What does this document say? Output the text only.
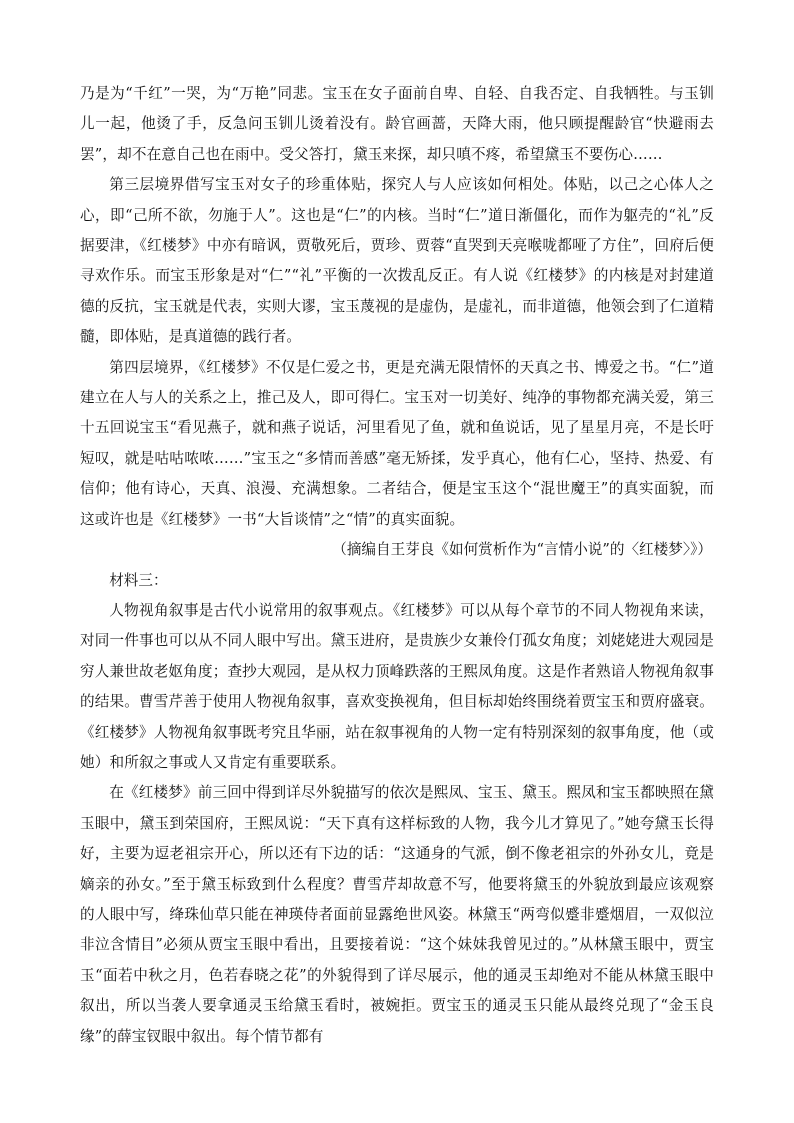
乃是为“千红”一哭，为“万艳”同悲。宝玉在女子面前自卑、自轻、自我否定、自我牺牲。与玉钏儿一起，他烫了手，反急问玉钏儿烫着没有。龄官画蔷，天降大雨，他只顾提醒龄官“快避雨去罢”，却不在意自己也在雨中。受父答打，黛玉来探，却只嗔不疼，希望黛玉不要伤心……

第三层境界借写宝玉对女子的珍重体贴，探究人与人应该如何相处。体贴，以己之心体人之心，即“己所不欲，勿施于人”。这也是“仁”的内核。当时“仁”道日渐僵化，而作为躯壳的“礼”反据要津，《红楼梦》中亦有暗讽，贾敬死后，贾珍、贾蓉“直哭到天亮喉咙都哑了方住”，回府后便寻欢作乐。而宝玉形象是对“仁”“礼”平衡的一次拨乱反正。有人说《红楼梦》的内核是对封建道德的反抗，宝玉就是代表，实则大谬，宝玉蔑视的是虚伪，是虚礼，而非道德，他领会到了仁道精髓，即体贴，是真道德的践行者。

第四层境界，《红楼梦》不仅是仁爱之书，更是充满无限情怀的天真之书、博爱之书。“仁”道建立在人与人的关系之上，推己及人，即可得仁。宝玉对一切美好、纯净的事物都充满关爱，第三十五回说宝玉“看见燕子，就和燕子说话，河里看见了鱼，就和鱼说话，见了星星月亮，不是长吁短叹，就是咕咕哝哝……”宝玉之“多情而善感”毫无矫揉，发乎真心，他有仁心，坚持、热爱、有信仰；他有诗心，天真、浪漫、充满想象。二者结合，便是宝玉这个“混世魔王”的真实面貌，而这或许也是《红楼梦》一书“大旨谈情”之“情”的真实面貌。

（摘编自王芽良《如何赏析作为“言情小说”的〈红楼梦〉》）

材料三：

人物视角叙事是古代小说常用的叙事观点。《红楼梦》可以从每个章节的不同人物视角来读，对同一件事也可以从不同人眼中写出。黛玉进府，是贵族少女兼伶仃孤女角度；刘姥姥进大观园是穷人兼世故老妪角度；查抄大观园，是从权力顶峰跌落的王熙凤角度。这是作者熟谙人物视角叙事的结果。曹雪芹善于使用人物视角叙事，喜欢变换视角，但目标却始终围绕着贾宝玉和贾府盛衰。《红楼梦》人物视角叙事既考究且华丽，站在叙事视角的人物一定有特别深刻的叙事角度，他（或她）和所叙之事或人又肯定有重要联系。

在《红楼梦》前三回中得到详尽外貌描写的依次是熙凤、宝玉、黛玉。熙凤和宝玉都映照在黛玉眼中，黛玉到荣国府，王熙凤说：“天下真有这样标致的人物，我今儿才算见了。”她夸黛玉长得好，主要为逗老祖宗开心，所以还有下边的话：“这通身的气派，倒不像老祖宗的外孙女儿，竟是嫡亲的孙女。”至于黛玉标致到什么程度？曹雪芹却故意不写，他要将黛玉的外貌放到最应该观察的人眼中写，绛珠仙草只能在神瑛侍者面前显露绝世风姿。林黛玉“两弯似蹙非蹙烟眉，一双似泣非泣含情目”必须从贾宝玉眼中看出，且要接着说：“这个妹妹我曾见过的。”从林黛玉眼中，贾宝玉“面若中秋之月，色若春晓之花”的外貌得到了详尽展示，他的通灵玉却绝对不能从林黛玉眼中叙出，所以当袭人要拿通灵玉给黛玉看时，被婉拒。贾宝玉的通灵玉只能从最终兑现了“金玉良缘”的薛宝钗眼中叙出。每个情节都有
